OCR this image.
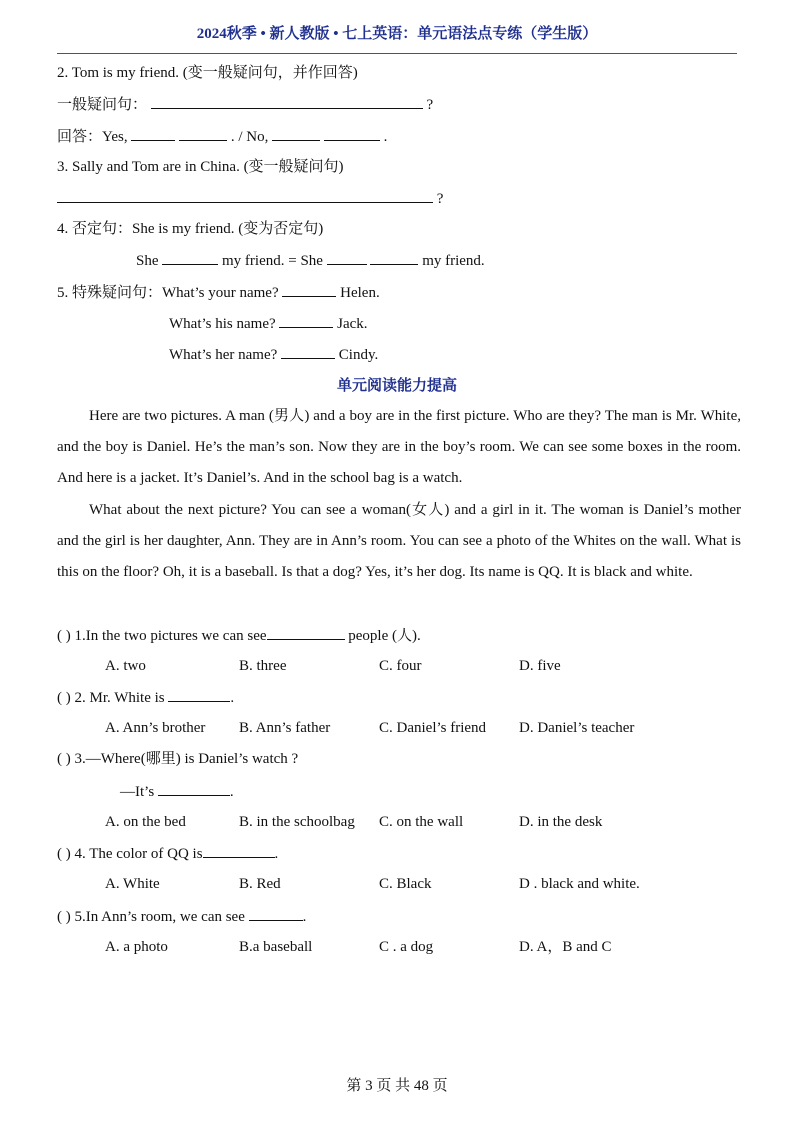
2024秋季 • 新人教版 • 七上英语：单元语法点专练（学生版）
2. Tom is my friend. (变一般疑问句，并作回答)
一般疑问句：	?
回答：Yes,	. / No,	.
3. Sally and Tom are in China. (变一般疑问句)
?
4. 否定句：She is my friend. (变为否定句)
She	my friend. = She	my friend.
5. 特殊疑问句：What’s your name?	Helen.
What’s his name?	Jack.
What’s her name?	Cindy.
单元阅读能力提高

Here are two pictures. A man (男人) and a boy are in the first picture. Who are they? The man is Mr. White, and the boy is Daniel. He’s the man’s son. Now they are in the boy’s room. We can see some boxes in the room. And here is a jacket. It’s Daniel’s. And in the school bag is a watch.

What about the next picture? You can see a woman(女人) and a girl in it. The woman is Daniel’s mother and the girl is her daughter, Ann. They are in Ann’s room. You can see a photo of the Whites on the wall. What is this on the floor? Oh, it is a baseball. Is that a dog? Yes, it’s her dog. Its name is QQ. It is black and white.

( ) 1.In the two pictures we can see	people (人).
A. two	B. three	C. four	D. five
( ) 2. Mr. White is	.
A. Ann’s brother B. Ann’s father	C. Daniel’s friend D. Daniel’s teacher
( ) 3.—Where(哪里) is Daniel’s watch ?
—It’s	.
A. on the bed	B. in the schoolbag C. on the wall	D. in the desk
( ) 4. The color of QQ is	.
A. White	B. Red	C. Black	D . black and white.
( ) 5.In Ann’s room, we can see	.
A. a photo	B.a baseball	C . a dog	D. A，B and C
第 3 页 共 48 页
